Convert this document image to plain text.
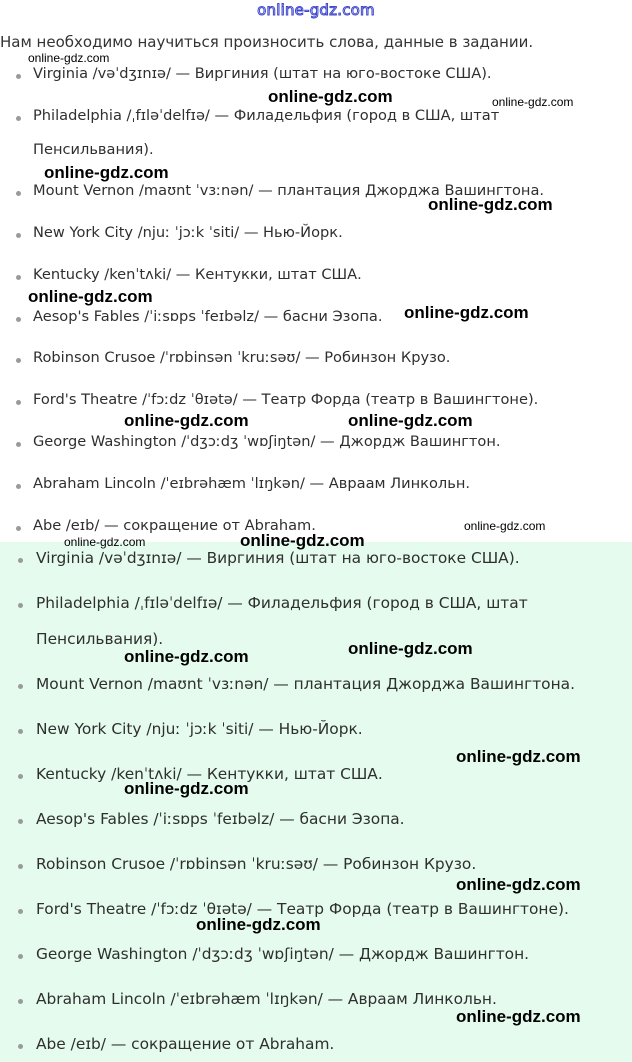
online-gdz.com
Нам необходимо научиться произносить слова, данные в задании.
Virginia /vəˈdʒɪnɪə/ — Виргиния (штат на юго-востоке США).
Philadelphia /ˌfɪləˈdelfɪə/ — Филадельфия (город в США, штат
Пенсильвания).
Mount Vernon /maʊnt ˈvɜːnən/ — плантация Джорджа Вашингтона.
New York City /njuː ˈjɔːk ˈsiti/ — Нью-Йорк.
Kentucky /kenˈtʌki/ — Кентукки, штат США.
Aesop's Fables /ˈiːsɒps ˈfeɪbəlz/ — басни Эзопа.
Robinson Crusoe /ˈrɒbinsən ˈkruːsəʊ/ — Робинзон Крузо.
Ford's Theatre /ˈfɔːdz ˈθɪətə/ — Театр Форда (театр в Вашингтоне).
George Washington /ˈdʒɔːdʒ ˈwɒʃiŋtən/ — Джордж Вашингтон.
Abraham Lincoln /ˈeɪbrəhæm ˈlɪŋkən/ — Авраам Линкольн.
Abe /eɪb/ — сокращение от Abraham.
Virginia /vəˈdʒɪnɪə/ — Виргиния (штат на юго-востоке США).
Philadelphia /ˌfɪləˈdelfɪə/ — Филадельфия (город в США, штат
Пенсильвания).
Mount Vernon /maʊnt ˈvɜːnən/ — плантация Джорджа Вашингтона.
New York City /njuː ˈjɔːk ˈsiti/ — Нью-Йорк.
Kentucky /kenˈtʌki/ — Кентукки, штат США.
Aesop's Fables /ˈiːsɒps ˈfeɪbəlz/ — басни Эзопа.
Robinson Crusoe /ˈrɒbinsən ˈkruːsəʊ/ — Робинзон Крузо.
Ford's Theatre /ˈfɔːdz ˈθɪətə/ — Театр Форда (театр в Вашингтоне).
George Washington /ˈdʒɔːdʒ ˈwɒʃiŋtən/ — Джордж Вашингтон.
Abraham Lincoln /ˈeɪbrəhæm ˈlɪŋkən/ — Авраам Линкольн.
Abe /eɪb/ — сокращение от Abraham.
online-gdz.com
online-gdz.com	online-gdz.com
online-gdz.com
online-gdz.com
online-gdz.com
online-gdz.com
online-gdz.com	online-gdz.com
online-gdz.com
online-gdz.com	online-gdz.com
online-gdz.com
online-gdz.com
online-gdz.com
online-gdz.com
online-gdz.com
online-gdz.com
online-gdz.com
